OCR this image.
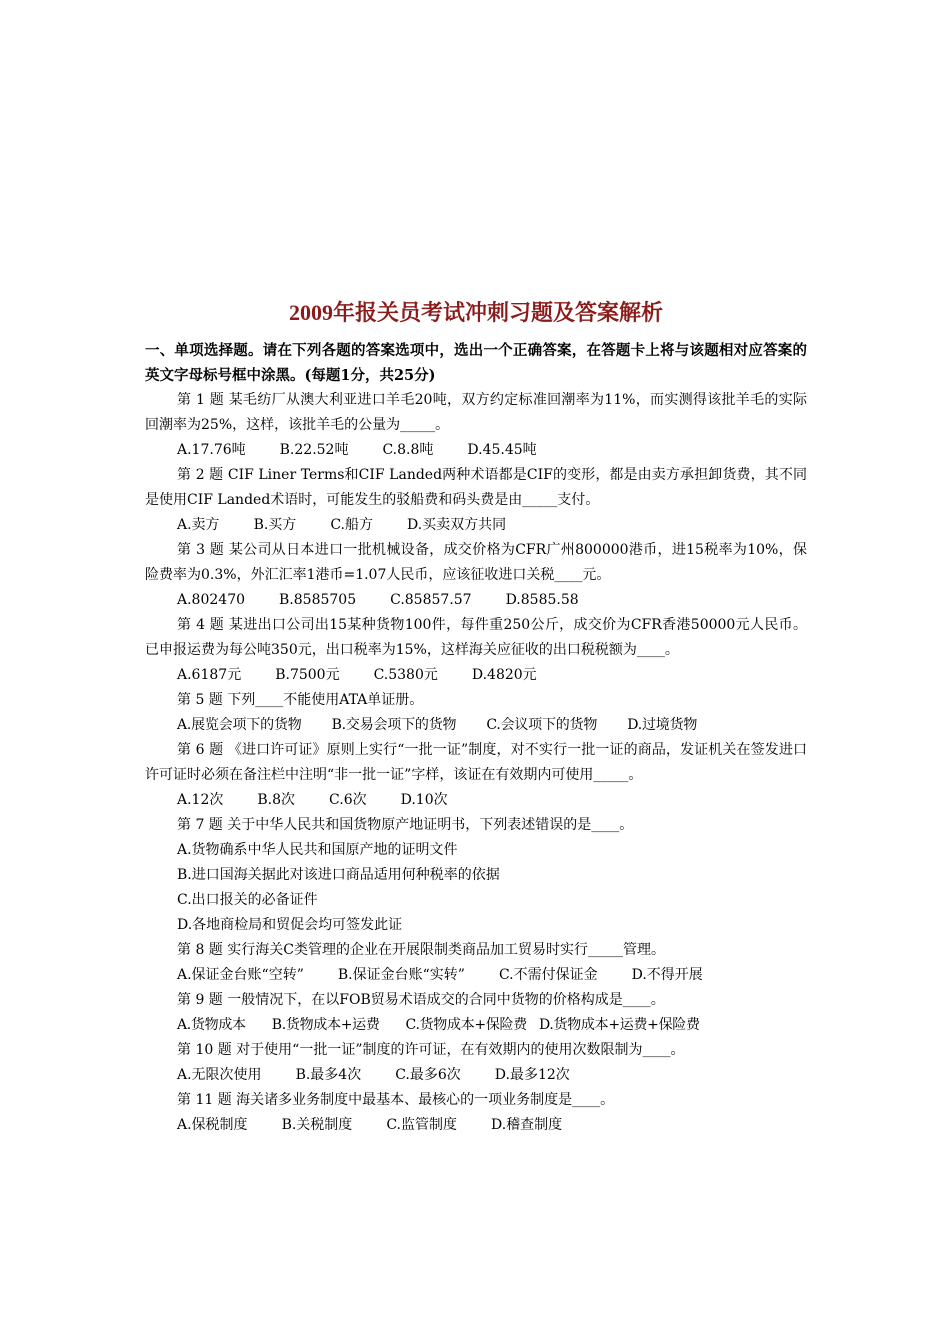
2009年报关员考试冲刺习题及答案解析

一、单项选择题。请在下列各题的答案选项中，选出一个正确答案，在答题卡上将与该题相对应答案的英文字母标号框中涂黑。(每题1分，共25分)

第 1 题 某毛纺厂从澳大利亚进口羊毛20吨，双方约定标准回潮率为11%，而实测得该批羊毛的实际回潮率为25%，这样，该批羊毛的公量为_____。

A.17.76吨 B.22.52吨 C.8.8吨 D.45.45吨

第 2 题 CIF Liner Terms和CIF Landed两种术语都是CIF的变形，都是由卖方承担卸货费，其不同是使用CIF Landed术语时，可能发生的驳船费和码头费是由_____支付。

A.卖方 B.买方 C.船方 D.买卖双方共同

第 3 题 某公司从日本进口一批机械设备，成交价格为CFR广州800000港币，进15税率为10%，保险费率为0.3%，外汇汇率1港币=1.07人民币，应该征收进口关税____元。

A.802470 B.8585705 C.85857.57 D.8585.58

第 4 题 某进出口公司出15某种货物100件，每件重250公斤，成交价为CFR香港50000元人民币。已申报运费为每公吨350元，出口税率为15%，这样海关应征收的出口税税额为____。

A.6187元 B.7500元 C.5380元 D.4820元

第 5 题 下列____不能使用ATA单证册。

A.展览会项下的货物 B.交易会项下的货物 C.会议项下的货物 D.过境货物

第 6 题 《进口许可证》原则上实行“一批一证”制度，对不实行一批一证的商品，发证机关在签发进口许可证时必须在备注栏中注明“非一批一证”字样，该证在有效期内可使用_____。

A.12次 B.8次 C.6次 D.10次

第 7 题 关于中华人民共和国货物原产地证明书，下列表述错误的是____。

A.货物确系中华人民共和国原产地的证明文件

B.进口国海关据此对该进口商品适用何种税率的依据

C.出口报关的必备证件

D.各地商检局和贸促会均可签发此证

第 8 题 实行海关C类管理的企业在开展限制类商品加工贸易时实行_____管理。

A.保证金台账“空转” B.保证金台账“实转” C.不需付保证金 D.不得开展

第 9 题 一般情况下，在以FOB贸易术语成交的合同中货物的价格构成是____。

A.货物成本 B.货物成本+运费 C.货物成本+保险费 D.货物成本+运费+保险费

第 10 题 对于使用“一批一证”制度的许可证，在有效期内的使用次数限制为____。

A.无限次使用 B.最多4次 C.最多6次 D.最多12次

第 11 题 海关诸多业务制度中最基本、最核心的一项业务制度是____。

A.保税制度 B.关税制度 C.监管制度 D.稽查制度
